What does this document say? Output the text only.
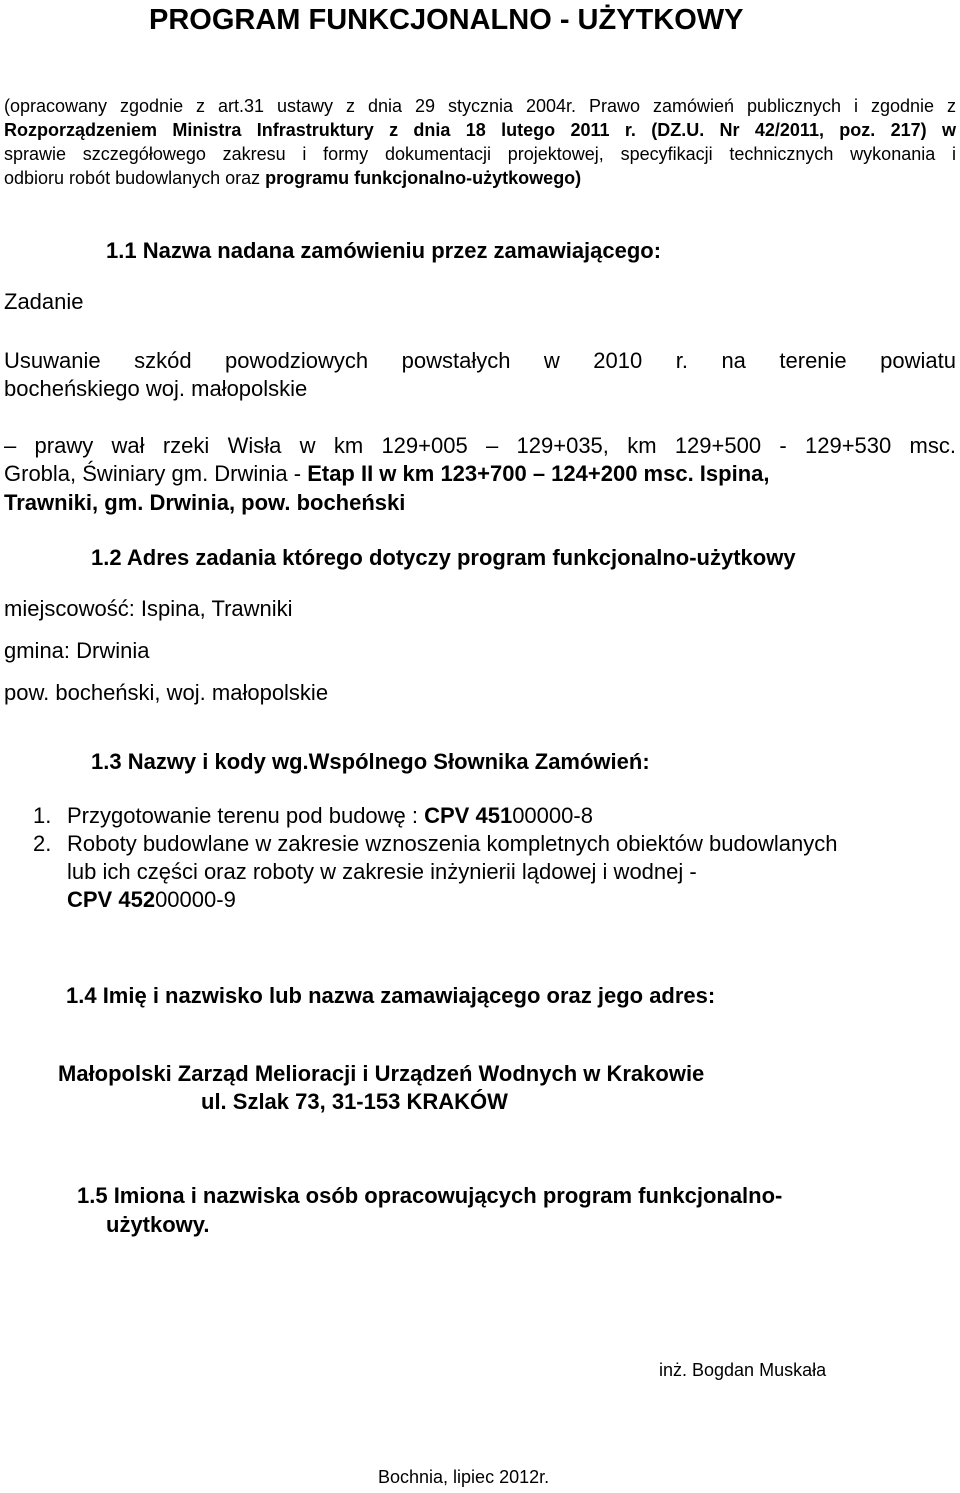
PROGRAM FUNKCJONALNO - UŻYTKOWY
(opracowany zgodnie z art.31 ustawy z dnia 29 stycznia 2004r. Prawo zamówień publicznych i zgodnie z
Rozporządzeniem Ministra Infrastruktury z dnia 18 lutego 2011 r. (DZ.U. Nr 42/2011, poz. 217) w
sprawie szczegółowego zakresu i formy dokumentacji projektowej, specyfikacji technicznych wykonania i
odbioru robót budowlanych oraz programu funkcjonalno-użytkowego)
1.1 Nazwa nadana zamówieniu przez zamawiającego:
Zadanie
Usuwanie szkód powodziowych powstałych w 2010 r. na terenie powiatu
bocheńskiego woj. małopolskie
– prawy wał rzeki Wisła w km 129+005 – 129+035, km 129+500 - 129+530 msc.
Grobla, Świniary gm. Drwinia - Etap II w km 123+700 – 124+200 msc. Ispina,
Trawniki, gm. Drwinia, pow. bocheński
1.2 Adres zadania którego dotyczy program funkcjonalno-użytkowy
miejscowość: Ispina, Trawniki
gmina: Drwinia
pow. bocheński, woj. małopolskie
1.3 Nazwy i kody wg.Wspólnego Słownika Zamówień:
1. Przygotowanie terenu pod budowę : CPV 45100000-8
2. Roboty budowlane w zakresie wznoszenia kompletnych obiektów budowlanych
lub ich części oraz roboty w zakresie inżynierii lądowej i wodnej -
CPV 45200000-9
1.4 Imię i nazwisko lub nazwa zamawiającego oraz jego adres:
Małopolski Zarząd Melioracji i Urządzeń Wodnych w Krakowie
ul. Szlak 73, 31-153 KRAKÓW
1.5 Imiona i nazwiska osób opracowujących program funkcjonalno-
użytkowy.
inż. Bogdan Muskała
Bochnia, lipiec 2012r.
